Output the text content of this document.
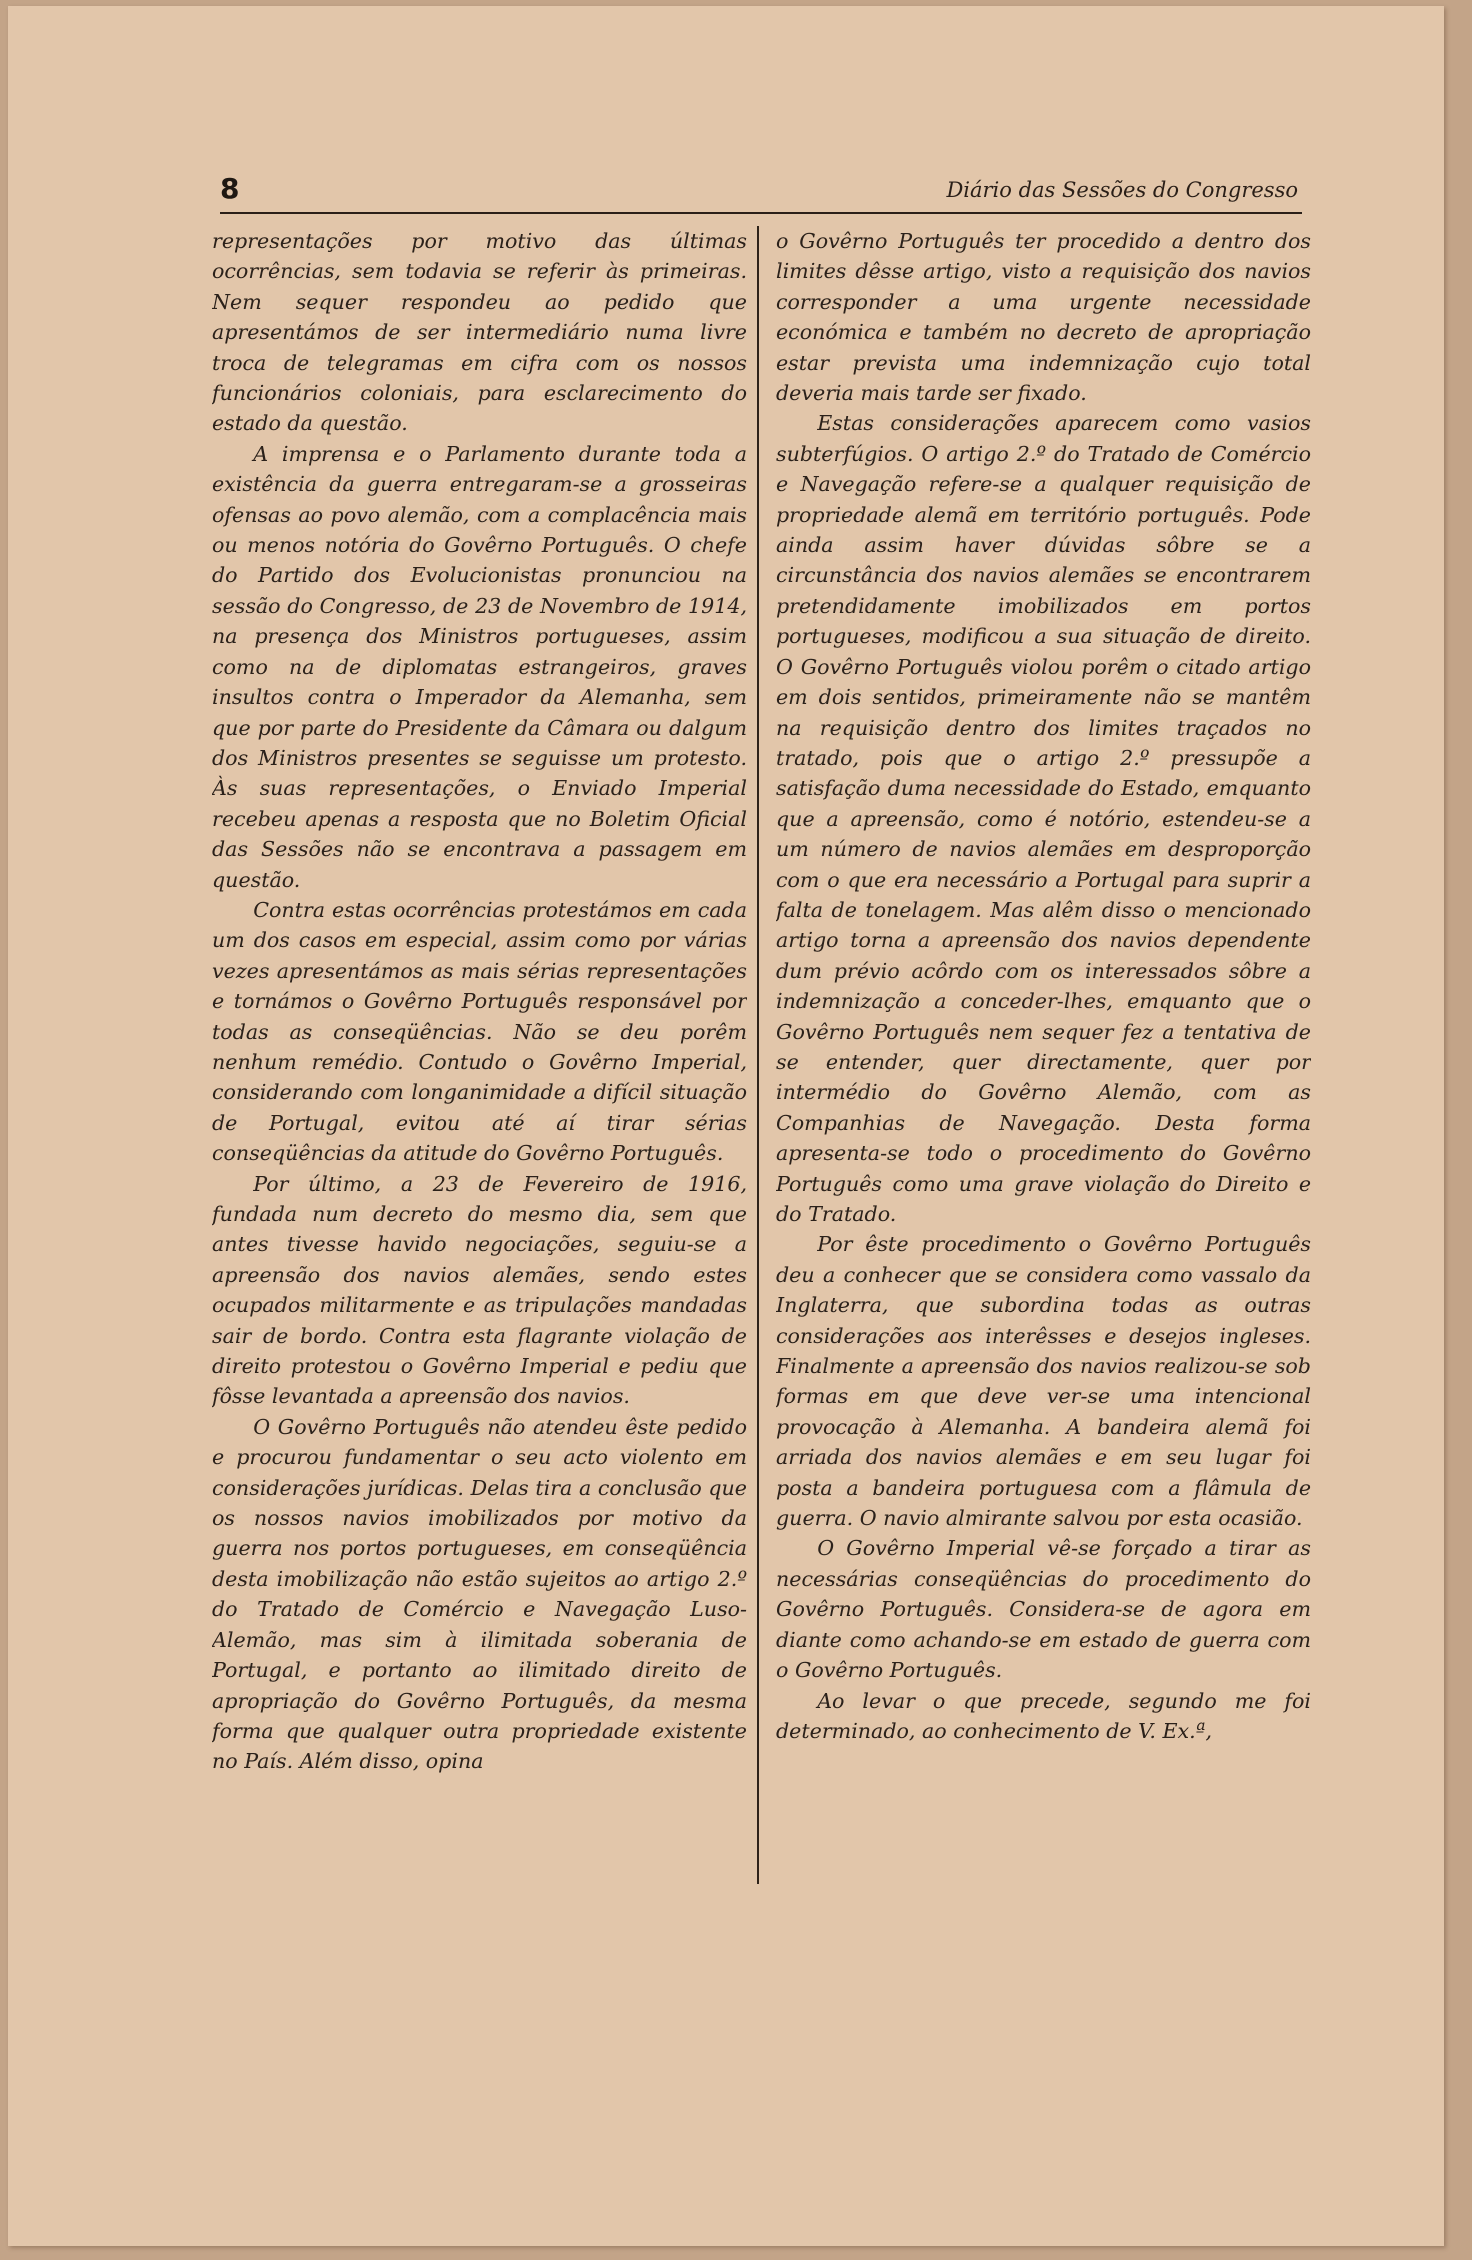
8	Diário das Sessões do Congresso

representações por motivo das últimas ocorrências, sem todavia se referir às primeiras. Nem sequer respondeu ao pedido que apresentámos de ser intermediário numa livre troca de telegramas em cifra com os nossos funcionários coloniais, para esclarecimento do estado da questão.

A imprensa e o Parlamento durante toda a existência da guerra entregaram-se a grosseiras ofensas ao povo alemão, com a complacência mais ou menos notória do Govêrno Português. O chefe do Partido dos Evolucionistas pronunciou na sessão do Congresso, de 23 de Novembro de 1914, na presença dos Ministros portugueses, assim como na de diplomatas estrangeiros, graves insultos contra o Imperador da Alemanha, sem que por parte do Presidente da Câmara ou dalgum dos Ministros presentes se seguisse um protesto. Às suas representações, o Enviado Imperial recebeu apenas a resposta que no Boletim Oficial das Sessões não se encontrava a passagem em questão.

Contra estas ocorrências protestámos em cada um dos casos em especial, assim como por várias vezes apresentámos as mais sérias representações e tornámos o Govêrno Português responsável por todas as conseqüências. Não se deu porêm nenhum remédio. Contudo o Govêrno Imperial, considerando com longanimidade a difícil situação de Portugal, evitou até aí tirar sérias conseqüências da atitude do Govêrno Português.

Por último, a 23 de Fevereiro de 1916, fundada num decreto do mesmo dia, sem que antes tivesse havido negociações, seguiu-se a apreensão dos navios alemães, sendo estes ocupados militarmente e as tripulações mandadas sair de bordo. Contra esta flagrante violação de direito protestou o Govêrno Imperial e pediu que fôsse levantada a apreensão dos navios.

O Govêrno Português não atendeu êste pedido e procurou fundamentar o seu acto violento em considerações jurídicas. Delas tira a conclusão que os nossos navios imobilizados por motivo da guerra nos portos portugueses, em conseqüência desta imobilização não estão sujeitos ao artigo 2.º do Tratado de Comércio e Navegação Luso-Alemão, mas sim à ilimitada soberania de Portugal, e portanto ao ilimitado direito de apropriação do Govêrno Português, da mesma forma que qualquer outra propriedade existente no País. Além disso, opina

o Govêrno Português ter procedido a dentro dos limites dêsse artigo, visto a requisição dos navios corresponder a uma urgente necessidade económica e também no decreto de apropriação estar prevista uma indemnização cujo total deveria mais tarde ser fixado.

Estas considerações aparecem como vasios subterfúgios. O artigo 2.º do Tratado de Comércio e Navegação refere-se a qualquer requisição de propriedade alemã em território português. Pode ainda assim haver dúvidas sôbre se a circunstância dos navios alemães se encontrarem pretendidamente imobilizados em portos portugueses, modificou a sua situação de direito. O Govêrno Português violou porêm o citado artigo em dois sentidos, primeiramente não se mantêm na requisição dentro dos limites traçados no tratado, pois que o artigo 2.º pressupõe a satisfação duma necessidade do Estado, emquanto que a apreensão, como é notório, estendeu-se a um número de navios alemães em desproporção com o que era necessário a Portugal para suprir a falta de tonelagem. Mas alêm disso o mencionado artigo torna a apreensão dos navios dependente dum prévio acôrdo com os interessados sôbre a indemnização a conceder-lhes, emquanto que o Govêrno Português nem sequer fez a tentativa de se entender, quer directamente, quer por intermédio do Govêrno Alemão, com as Companhias de Navegação. Desta forma apresenta-se todo o procedimento do Govêrno Português como uma grave violação do Direito e do Tratado.

Por êste procedimento o Govêrno Português deu a conhecer que se considera como vassalo da Inglaterra, que subordina todas as outras considerações aos interêsses e desejos ingleses. Finalmente a apreensão dos navios realizou-se sob formas em que deve ver-se uma intencional provocação à Alemanha. A bandeira alemã foi arriada dos navios alemães e em seu lugar foi posta a bandeira portuguesa com a flâmula de guerra. O navio almirante salvou por esta ocasião.

O Govêrno Imperial vê-se forçado a tirar as necessárias conseqüências do procedimento do Govêrno Português. Considera-se de agora em diante como achando-se em estado de guerra com o Govêrno Português.

Ao levar o que precede, segundo me foi determinado, ao conhecimento de V. Ex.ª,
